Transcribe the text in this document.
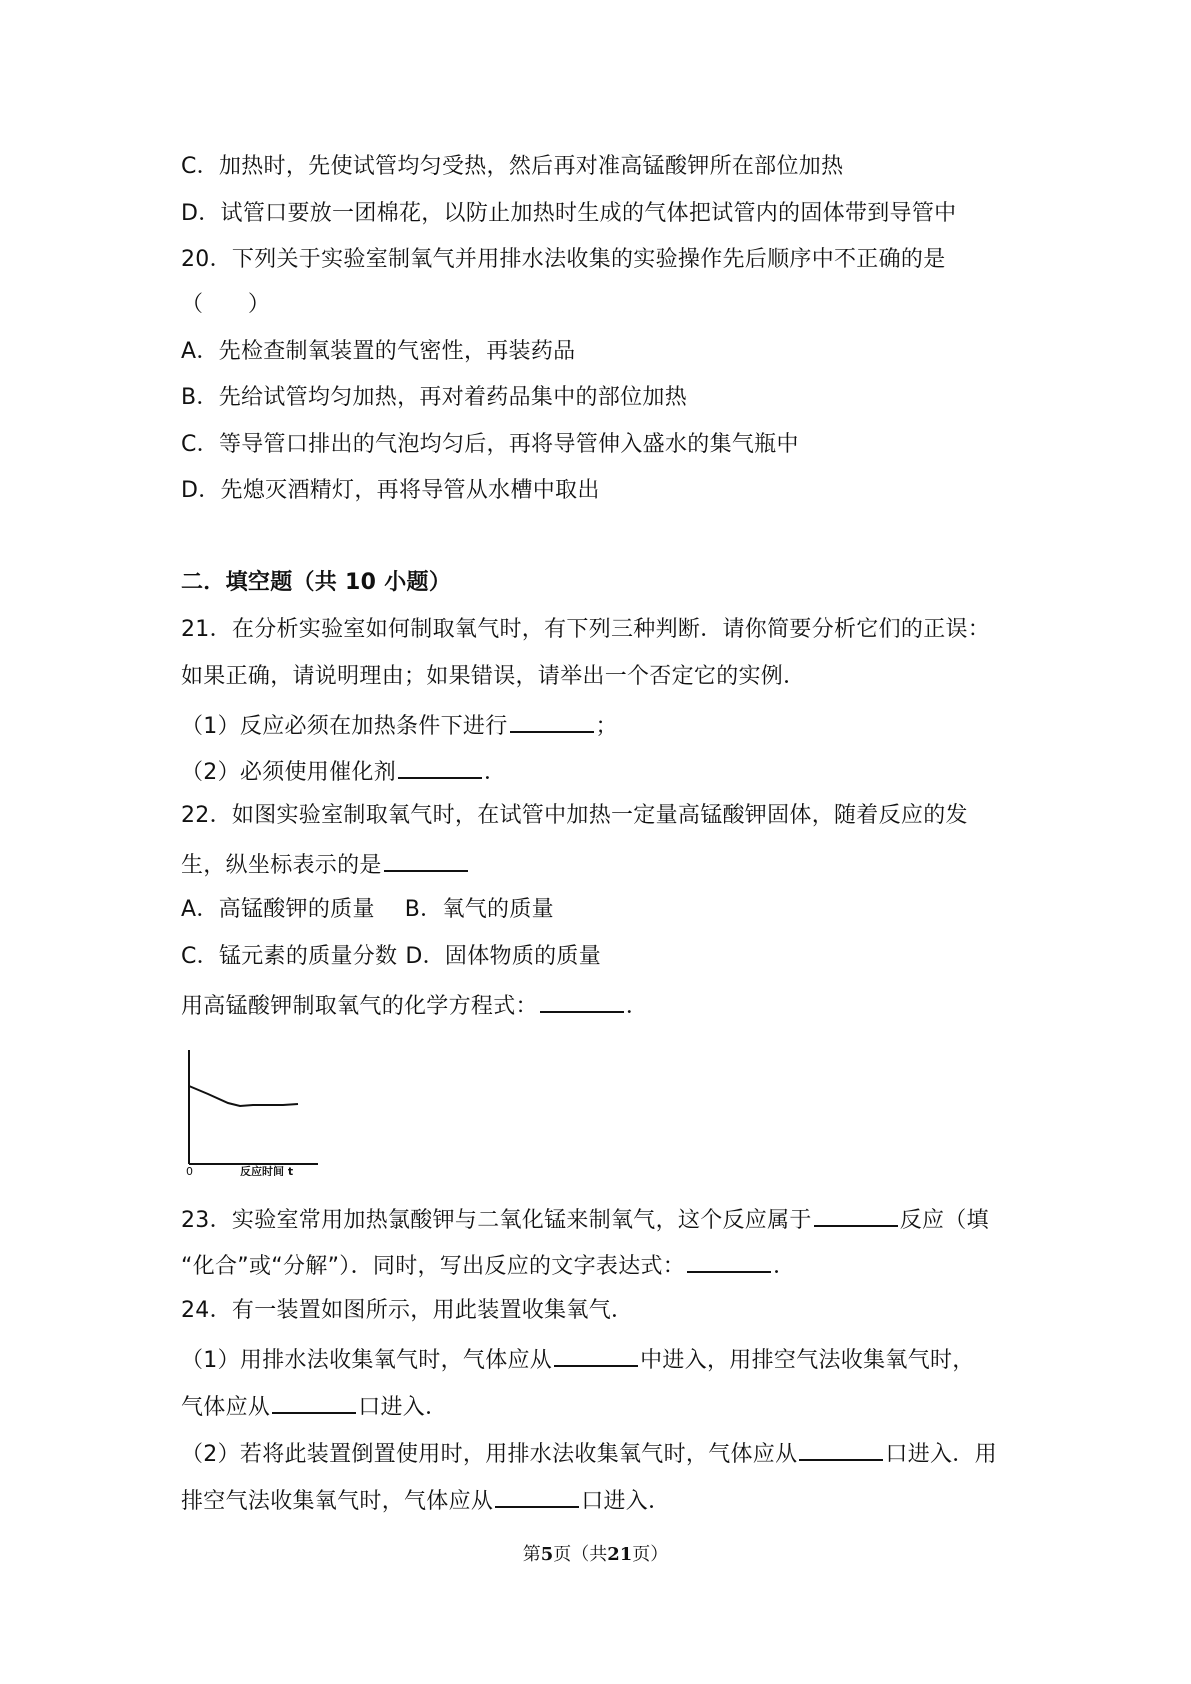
C．加热时，先使试管均匀受热，然后再对准高锰酸钾所在部位加热
D．试管口要放一团棉花，以防止加热时生成的气体把试管内的固体带到导管中
20．下列关于实验室制氧气并用排水法收集的实验操作先后顺序中不正确的是
（　　）
A．先检查制氧装置的气密性，再装药品
B．先给试管均匀加热，再对着药品集中的部位加热
C．等导管口排出的气泡均匀后，再将导管伸入盛水的集气瓶中
D．先熄灭酒精灯，再将导管从水槽中取出
二．填空题（共 10 小题）
21．在分析实验室如何制取氧气时，有下列三种判断．请你简要分析它们的正误：
如果正确，请说明理由；如果错误，请举出一个否定它的实例．
（1）反应必须在加热条件下进行	；
（2）必须使用催化剂	．
22．如图实验室制取氧气时，在试管中加热一定量高锰酸钾固体，随着反应的发
生，纵坐标表示的是
A．高锰酸钾的质量 B．氧气的质量
C．锰元素的质量分数 D．固体物质的质量
用高锰酸钾制取氧气的化学方程式：	．
0	反应时间 t
23．实验室常用加热氯酸钾与二氧化锰来制氧气，这个反应属于	反应（填
“化合”或“分解”）．同时，写出反应的文字表达式：	．
24．有一装置如图所示，用此装置收集氧气．
（1）用排水法收集氧气时，气体应从	中进入，用排空气法收集氧气时，
气体应从	口进入．
（2）若将此装置倒置使用时，用排水法收集氧气时，气体应从	口进入．用
排空气法收集氧气时，气体应从	口进入．
第5页（共21页）
